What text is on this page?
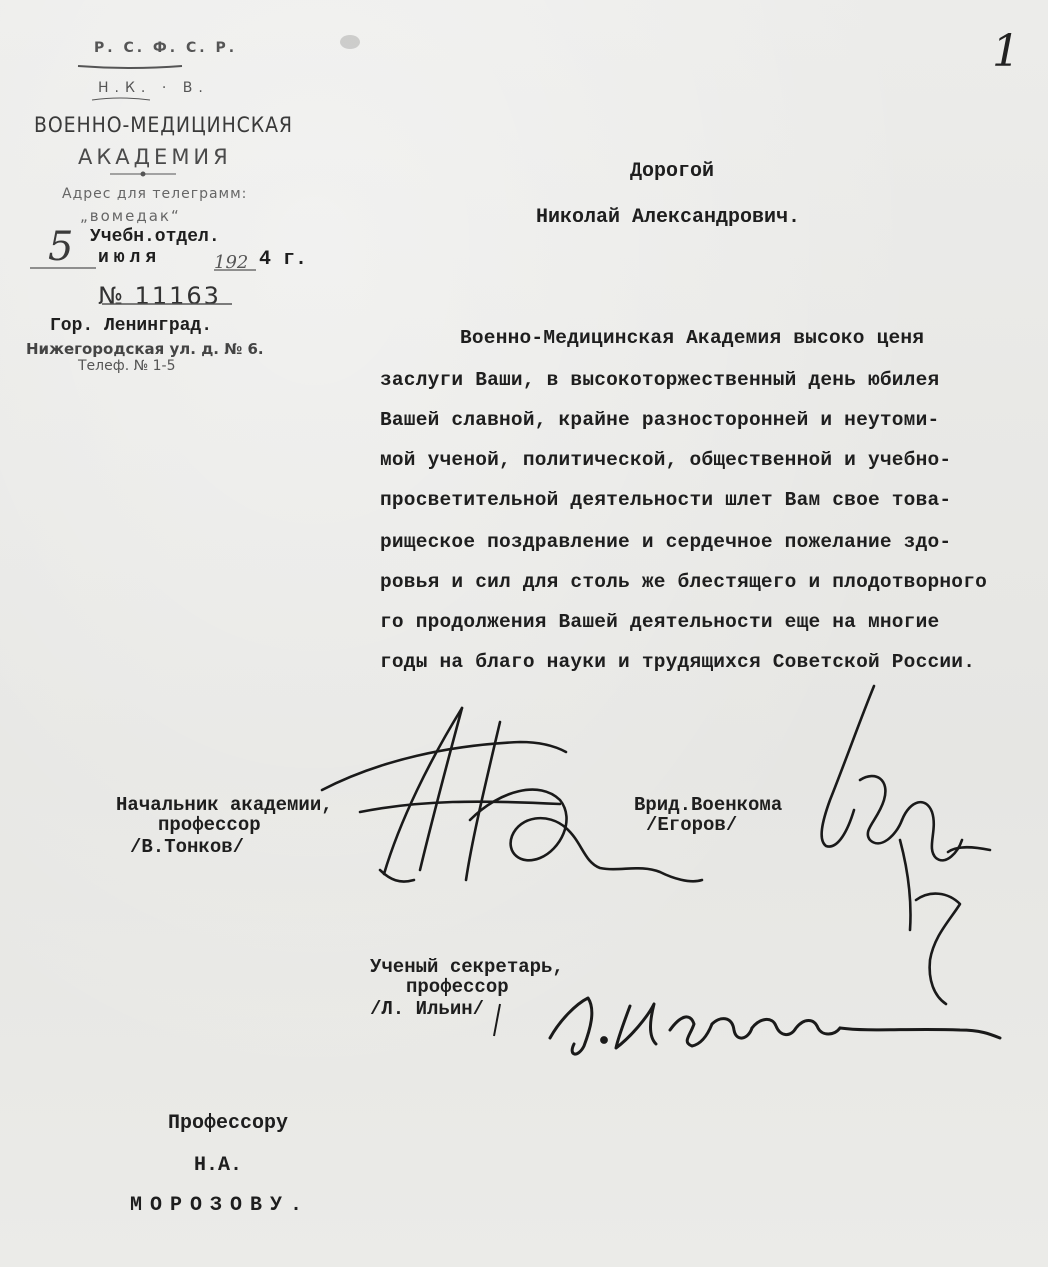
Р. С. Ф. С. Р.
Н.К. · В.
ВОЕННО-МЕДИЦИНСКАЯ
АКАДЕМИЯ
Адрес для телеграмм:
„вомедак“
5 Учебн.отдел.
июля	192 4 г.
№ 11163
Гор. Ленинград.
Нижегородская ул. д. № 6.
Телеф. № 1-5
1
Дорогой
Николай Александрович.
Военно-Медицинская Академия высоко ценя
заслуги Ваши, в высокоторжественный день юбилея
Вашей славной, крайне разносторонней и неутоми-
мой ученой, политической, общественной и учебно-
просветительной деятельности шлет Вам свое това-
рищеское поздравление и сердечное пожелание здо-
ровья и сил для столь же блестящего и плодотворного
го продолжения Вашей деятельности еще на многие
годы на благо науки и трудящихся Советской России.
Начальник академии,
профессор
/В.Тонков/
Врид.Военкома
/Егоров/
Ученый секретарь,
профессор
/Л. Ильин/
Профессору
Н.А.
МОРОЗОВУ.
